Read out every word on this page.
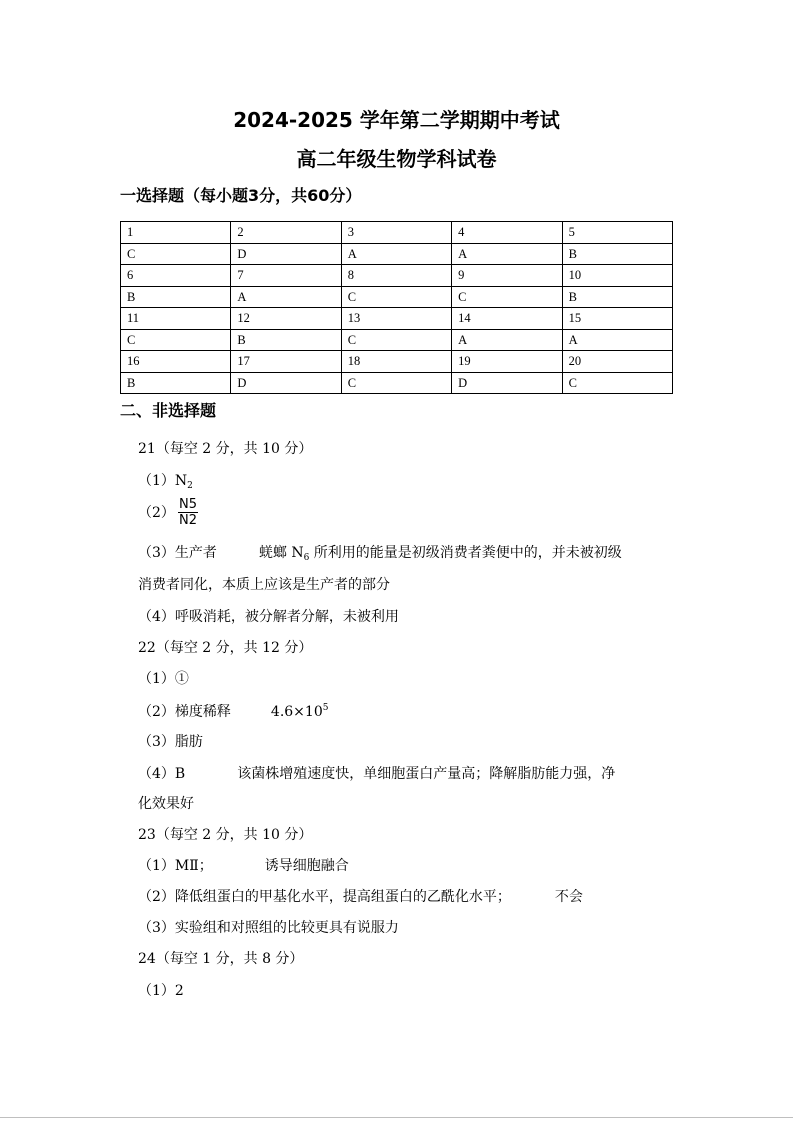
2024-2025 学年第二学期期中考试
高二年级生物学科试卷
一选择题（每小题3分，共60分）
1	2	3	4	5
C	D	A	A	B
6	7	8	9	10
B	A	C	C	B
11	12	13	14	15
C	B	C	A	A
16	17	18	19	20
B	D	C	D	C
二、非选择题
21（每空 2 分，共 10 分）
$(1)N_2$
$(2) \frac{N5}{N2}$
（3）生产者	蜣螂 $N_6$ 所利用的能量是初级消费者粪便中的，并未被初级
消费者同化，本质上应该是生产者的部分
（4）呼吸消耗，被分解者分解，未被利用
22（每空 2 分，共 12 分）
（1）①
（2）梯度稀释	$4.6\times 10^5$
（3）脂肪
（4）B	该菌株增殖速度快，单细胞蛋白产量高；降解脂肪能力强，净
化效果好
23（每空 2 分，共 10 分）
（1）MⅡ；	诱导细胞融合
（2）降低组蛋白的甲基化水平，提高组蛋白的乙酰化水平；	不会
（3）实验组和对照组的比较更具有说服力
24（每空 1 分，共 8 分）
（1）2
